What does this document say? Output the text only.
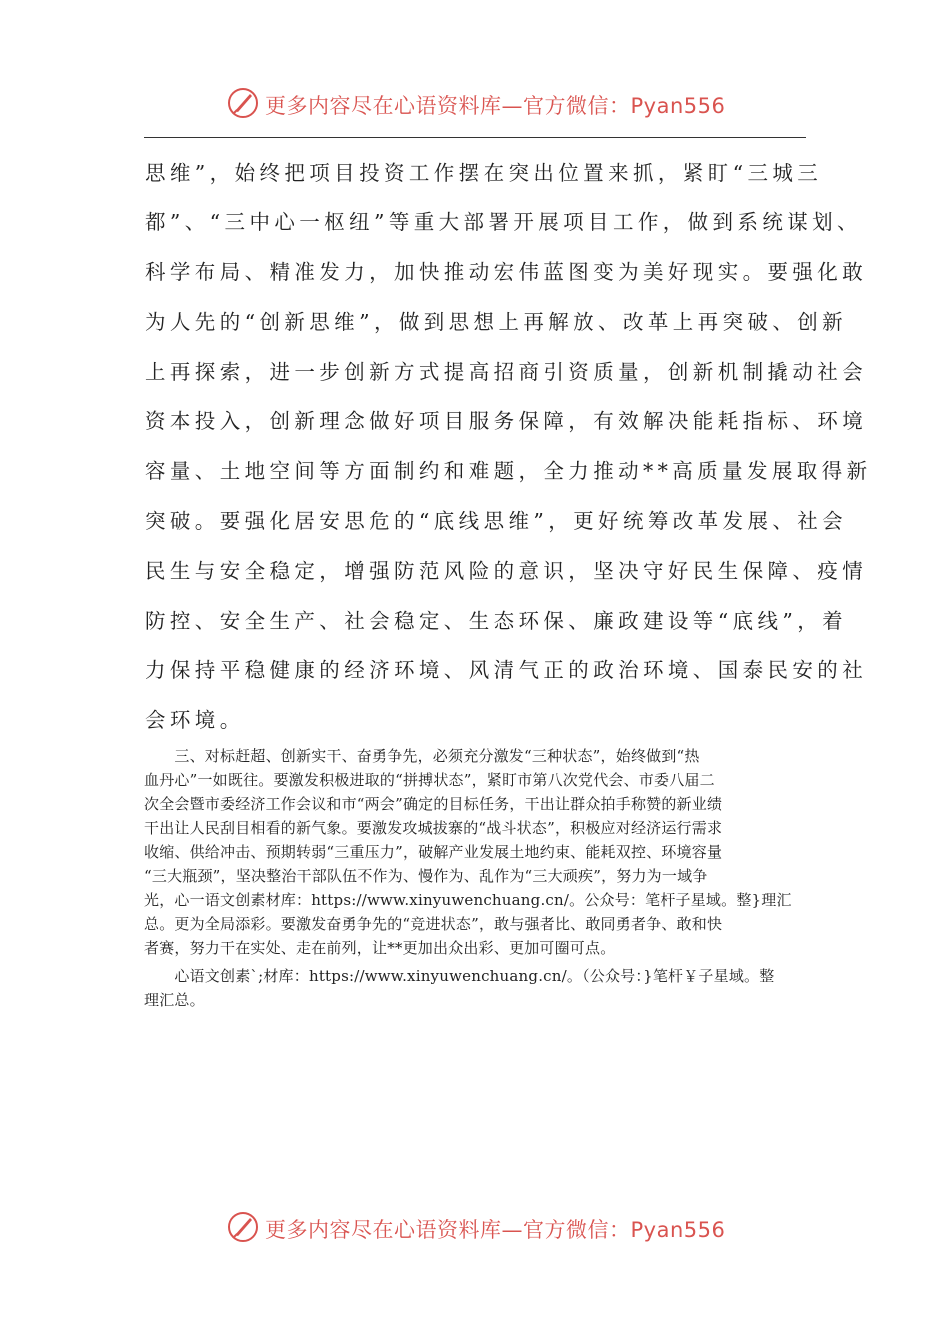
更多内容尽在心语资料库—官方微信：Pyan556
思维”，始终把项目投资工作摆在突出位置来抓，紧盯“三城三
都”、“三中心一枢纽”等重大部署开展项目工作，做到系统谋划、
科学布局、精准发力，加快推动宏伟蓝图变为美好现实。要强化敢
为人先的“创新思维”，做到思想上再解放、改革上再突破、创新
上再探索，进一步创新方式提高招商引资质量，创新机制撬动社会
资本投入，创新理念做好项目服务保障，有效解决能耗指标、环境
容量、土地空间等方面制约和难题，全力推动**高质量发展取得新
突破。要强化居安思危的“底线思维”，更好统筹改革发展、社会
民生与安全稳定，增强防范风险的意识，坚决守好民生保障、疫情
防控、安全生产、社会稳定、生态环保、廉政建设等“底线”，着
力保持平稳健康的经济环境、风清气正的政治环境、国泰民安的社
会环境。
　　三、对标赶超、创新实干、奋勇争先，必须充分激发“三种状态”，始终做到“热
血丹心”一如既往。要激发积极进取的“拼搏状态”，紧盯市第八次党代会、市委八届二
次全会暨市委经济工作会议和市“两会”确定的目标任务，干出让群众拍手称赞的新业绩
干出让人民刮目相看的新气象。要激发攻城拔寨的“战斗状态”，积极应对经济运行需求
收缩、供给冲击、预期转弱“三重压力”，破解产业发展土地约束、能耗双控、环境容量
“三大瓶颈”，坚决整治干部队伍不作为、慢作为、乱作为“三大顽疾”，努力为一域争
光，心一语文创素材库：https://www.xinyuwenchuang.cn/。公众号：笔杆子星域。整}理汇
总。更为全局添彩。要激发奋勇争先的“竞进状态”，敢与强者比、敢同勇者争、敢和快
者赛，努力干在实处、走在前列，让**更加出众出彩、更加可圈可点。
　　心语文创素`;材库：https://www.xinyuwenchuang.cn/。（公众号：}笔杆￥子星域。整
理汇总。
更多内容尽在心语资料库—官方微信：Pyan556
